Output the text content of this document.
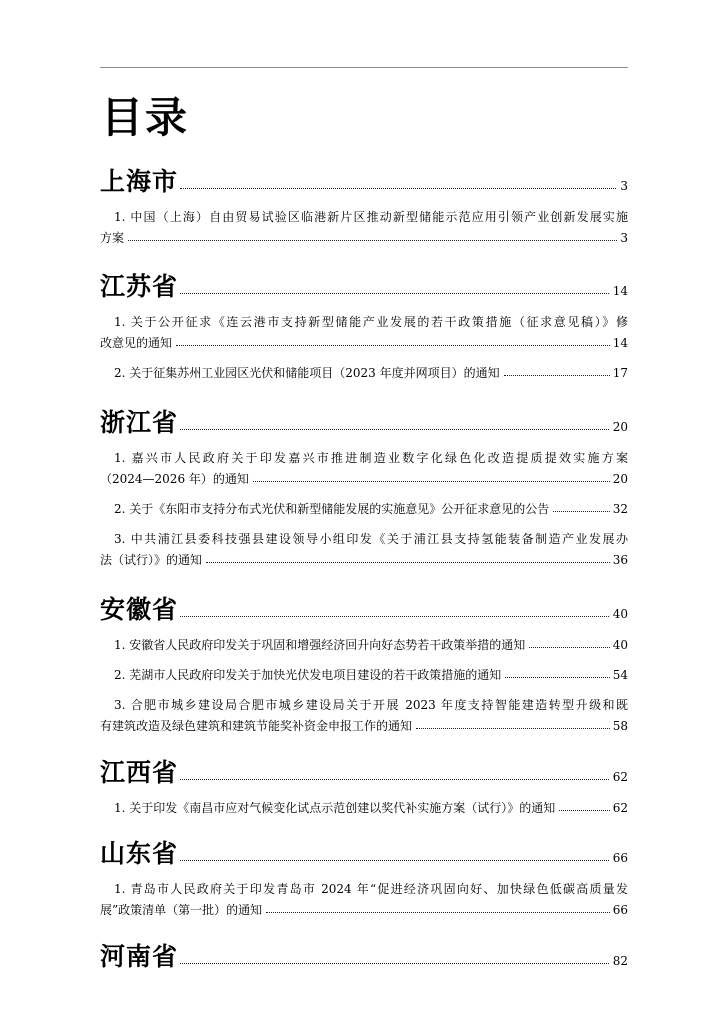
目录
上海市	3
1. 中国（上海）自由贸易试验区临港新片区推动新型储能示范应用引领产业创新发展实施
方案	3
江苏省	14
1. 关于公开征求《连云港市支持新型储能产业发展的若干政策措施（征求意见稿）》修
改意见的通知	14
2. 关于征集苏州工业园区光伏和储能项目（2023 年度并网项目）的通知	17
浙江省	20
1. 嘉兴市人民政府关于印发嘉兴市推进制造业数字化绿色化改造提质提效实施方案
（2024—2026 年）的通知	20
2. 关于《东阳市支持分布式光伏和新型储能发展的实施意见》公开征求意见的公告	32
3. 中共浦江县委科技强县建设领导小组印发《关于浦江县支持氢能装备制造产业发展办
法（试行）》的通知	36
安徽省	40
1. 安徽省人民政府印发关于巩固和增强经济回升向好态势若干政策举措的通知	40
2. 芜湖市人民政府印发关于加快光伏发电项目建设的若干政策措施的通知	54
3. 合肥市城乡建设局合肥市城乡建设局关于开展 2023 年度支持智能建造转型升级和既
有建筑改造及绿色建筑和建筑节能奖补资金申报工作的通知	58
江西省	62
1. 关于印发《南昌市应对气候变化试点示范创建以奖代补实施方案（试行）》的通知	62
山东省	66
1. 青岛市人民政府关于印发青岛市 2024 年“促进经济巩固向好、加快绿色低碳高质量发
展”政策清单（第一批）的通知	66
河南省	82
